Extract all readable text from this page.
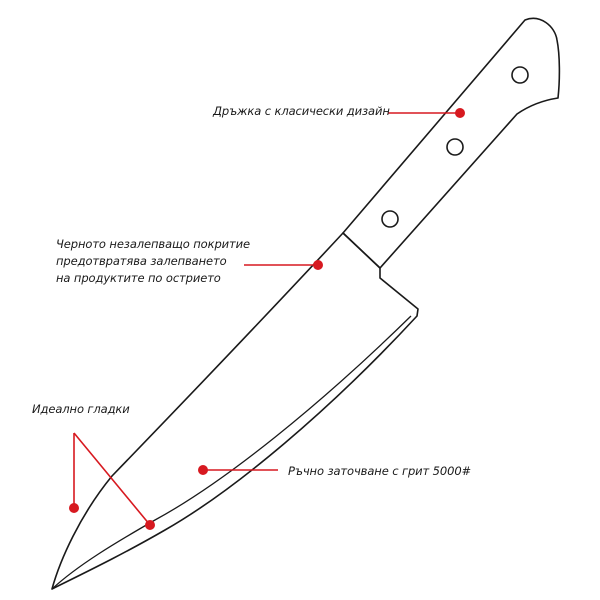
Дръжка с класически дизайн
Черното незалепващо покритие
предотвратява залепването
на продуктите по острието
Идеално гладки
Ръчно заточване с грит 5000#
